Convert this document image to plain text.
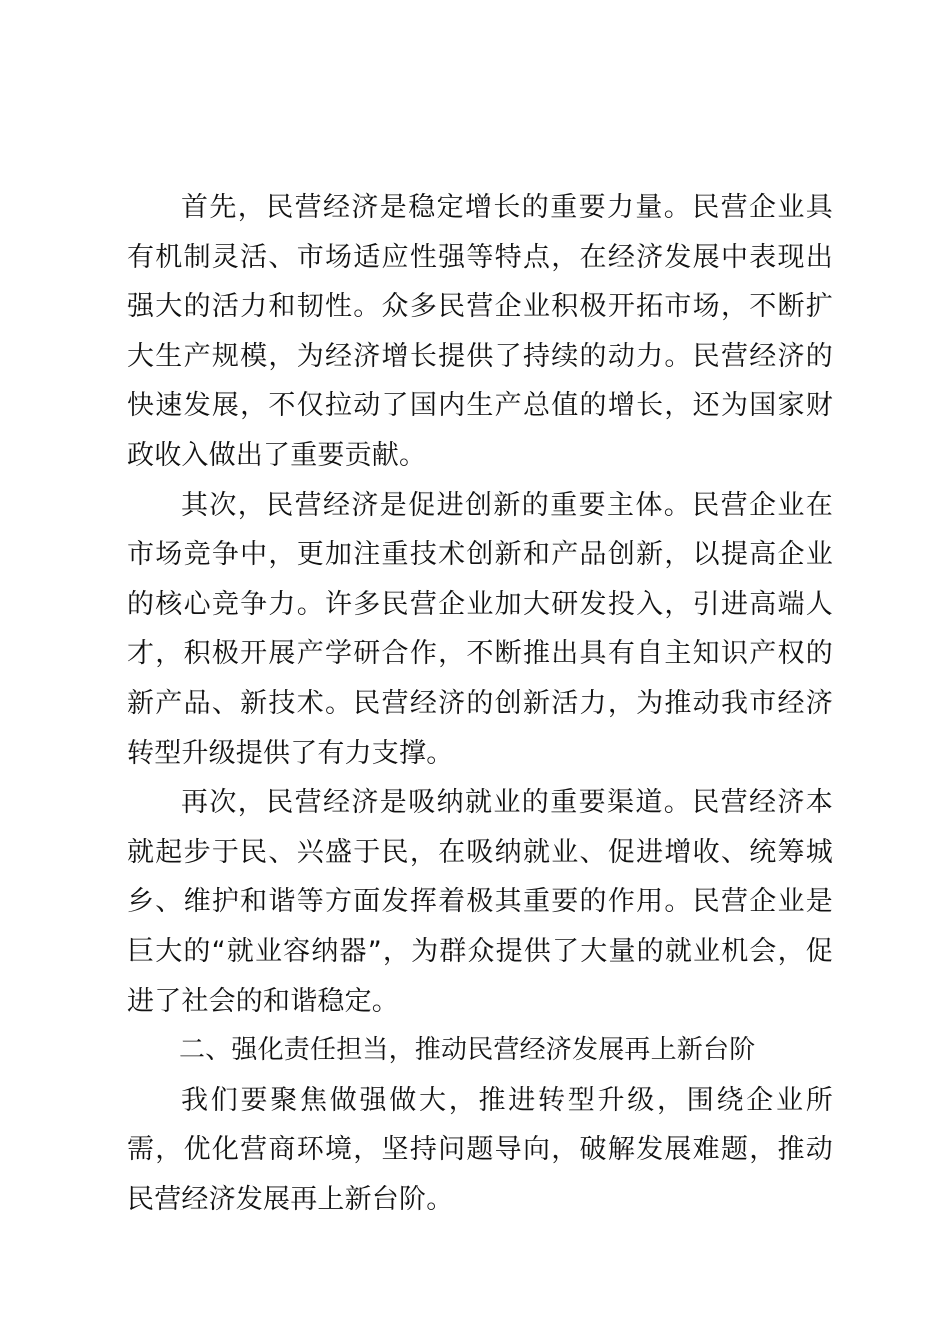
首先，民营经济是稳定增长的重要力量。民营企业具有机制灵活、市场适应性强等特点，在经济发展中表现出强大的活力和韧性。众多民营企业积极开拓市场，不断扩大生产规模，为经济增长提供了持续的动力。民营经济的快速发展，不仅拉动了国内生产总值的增长，还为国家财政收入做出了重要贡献。

其次，民营经济是促进创新的重要主体。民营企业在市场竞争中，更加注重技术创新和产品创新，以提高企业的核心竞争力。许多民营企业加大研发投入，引进高端人才，积极开展产学研合作，不断推出具有自主知识产权的新产品、新技术。民营经济的创新活力，为推动我市经济转型升级提供了有力支撑。

再次，民营经济是吸纳就业的重要渠道。民营经济本就起步于民、兴盛于民，在吸纳就业、促进增收、统筹城乡、维护和谐等方面发挥着极其重要的作用。民营企业是巨大的“就业容纳器”，为群众提供了大量的就业机会，促进了社会的和谐稳定。

二、强化责任担当，推动民营经济发展再上新台阶

我们要聚焦做强做大，推进转型升级，围绕企业所需，优化营商环境，坚持问题导向，破解发展难题，推动民营经济发展再上新台阶。
